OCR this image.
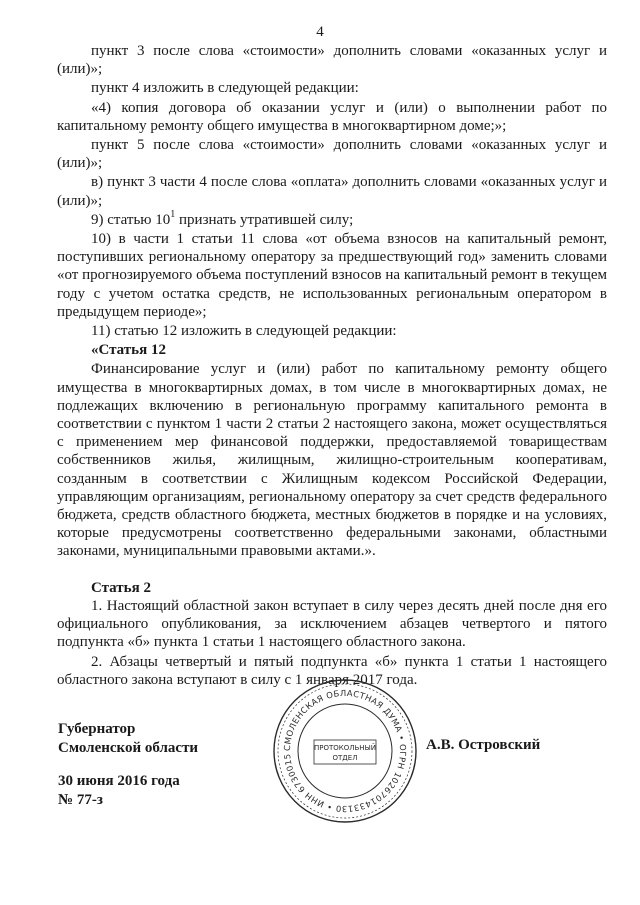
4

пункт 3 после слова «стоимости» дополнить словами «оказанных услуг и (или)»;

пункт 4 изложить в следующей редакции:

«4) копия договора об оказании услуг и (или) о выполнении работ по капитальному ремонту общего имущества в многоквартирном доме;»;

пункт 5 после слова «стоимости» дополнить словами «оказанных услуг и (или)»;

в) пункт 3 части 4 после слова «оплата» дополнить словами «оказанных услуг и (или)»;

9) статью $10^1$ признать утратившей силу;

10) в части 1 статьи 11 слова «от объема взносов на капитальный ремонт, поступивших региональному оператору за предшествующий год» заменить словами «от прогнозируемого объема поступлений взносов на капитальный ремонт в текущем году с учетом остатка средств, не использованных региональным оператором в предыдущем периоде»;

11) статью 12 изложить в следующей редакции:

«Статья 12

Финансирование услуг и (или) работ по капитальному ремонту общего имущества в многоквартирных домах, в том числе в многоквартирных домах, не подлежащих включению в региональную программу капитального ремонта в соответствии с пунктом 1 части 2 статьи 2 настоящего закона, может осуществляться с применением мер финансовой поддержки, предоставляемой товариществам собственников жилья, жилищным, жилищно-строительным кооперативам, созданным в соответствии с Жилищным кодексом Российской Федерации, управляющим организациям, региональному оператору за счет средств федерального бюджета, средств областного бюджета, местных бюджетов в порядке и на условиях, которые предусмотрены соответственно федеральными законами, областными законами, муниципальными правовыми актами.».

Статья 2

1. Настоящий областной закон вступает в силу через десять дней после дня его официального опубликования, за исключением абзацев четвертого и пятого подпункта «б» пункта 1 статьи 1 настоящего областного закона.

2. Абзацы четвертый и пятый подпункта «б» пункта 1 статьи 1 настоящего областного закона вступают в силу с 1 января 2017 года.

Губернатор
Смоленской области	А.В. Островский
30 июня 2016 года
№ 77-з
СМОЛЕНСКАЯ ОБЛАСТНАЯ ДУМА • ОГРН 1026701433130 • ИНН 6730015
ПРОТОКОЛЬНЫЙ
ОТДЕЛ
